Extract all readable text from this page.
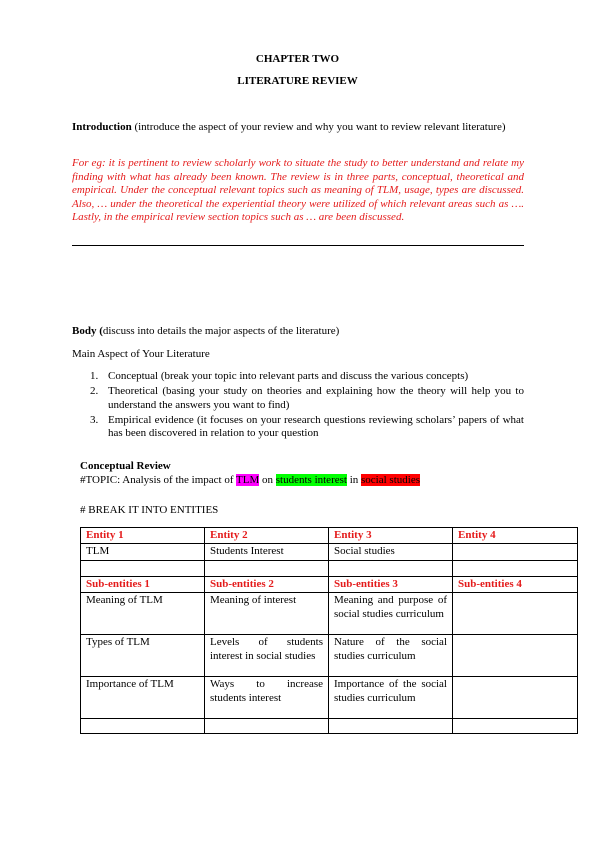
CHAPTER TWO
LITERATURE REVIEW
Introduction (introduce the aspect of your review and why you want to review relevant literature)
For eg: it is pertinent to review scholarly work to situate the study to better understand and relate my finding with what has already been known. The review is in three parts, conceptual, theoretical and empirical. Under the conceptual relevant topics such as meaning of TLM, usage, types are discussed. Also, … under the theoretical the experiential theory were utilized of which relevant areas such as …. Lastly, in the empirical review section topics such as … are been discussed.
Body (discuss into details the major aspects of the literature)
Main Aspect of Your Literature
1. Conceptual (break your topic into relevant parts and discuss the various concepts)
2. Theoretical (basing your study on theories and explaining how the theory will help you to understand the answers you want to find)
3. Empirical evidence (it focuses on your research questions reviewing scholars’ papers of what has been discovered in relation to your question
Conceptual Review
#TOPIC: Analysis of the impact of TLM on students interest in social studies
# BREAK IT INTO ENTITIES
Entity 1	Entity 2	Entity 3	Entity 4
TLM	Students Interest	Social studies	

Sub-entities 1	Sub-entities 2	Sub-entities 3	Sub-entities 4
Meaning of TLM	Meaning of interest	Meaning and purpose of social studies curriculum	
Types of TLM	Levels of students interest in social studies	Nature of the social studies curriculum	
Importance of TLM	Ways to increase students interest	Importance of the social studies curriculum	
